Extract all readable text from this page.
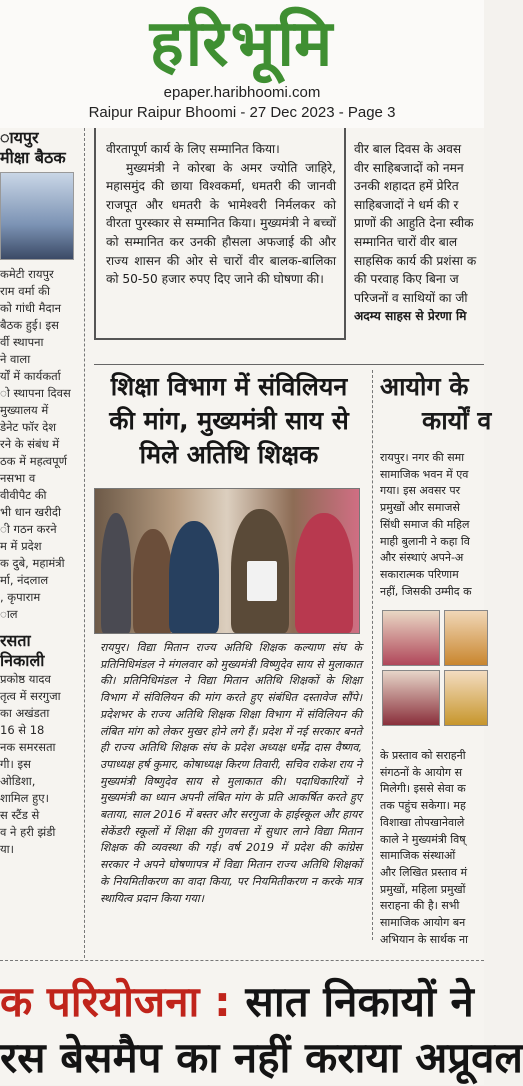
हरिभूमि
epaper.haribhoomi.com
Raipur Raipur Bhoomi - 27 Dec 2023 - Page 3
ायपुर
मीक्षा बैठक
कमेटी रायपुर
राम वर्मा की
को गांधी मैदान
बैठक हुई। इस
र्वी स्थापना
ने वाला
र्यों में कार्यकर्ता
ो स्थापना दिवस
मुख्यालय में
डेनेट फॉर देश
रने के संबंध में
ठक में महत्वपूर्ण
नसभा व
वीवीपैट की
भी धान खरीदी
ी गठन करने
म में प्रदेश
क दुबे, महामंत्री
र्मा, नंदलाल
, कृपाराम
ाल
रसता
निकाली
प्रकोष्ठ यादव
तृत्व में सरगुजा
का अखंडता
16 से 18
नक समरसता
गी। इस
ओडिशा,
शामिल हुए।
स स्टैंड से
व ने हरी झंडी
या।

वीरतापूर्ण कार्य के लिए सम्मानित किया।

मुख्यमंत्री ने कोरबा के अमर ज्योति जाहिरे, महासमुंद की छाया विश्वकर्मा, धमतरी की जानवी राजपूत और धमतरी के भामेश्वरी निर्मलकर को वीरता पुरस्कार से सम्मानित किया। मुख्यमंत्री ने बच्चों को सम्मानित कर उनकी हौसला अफजाई की और राज्य शासन की ओर से चारों वीर बालक-बालिका को 50-50 हजार रुपए दिए जाने की घोषणा की।

वीर बाल दिवस के अवस
वीर साहिबजादों को नमन
उनकी शहादत हमें प्रेरित
साहिबजादों ने धर्म की र
प्राणों की आहुति देना स्वीक
सम्मानित चारों वीर बाल
साहसिक कार्य की प्रशंसा क
की परवाह किए बिना ज
परिजनों व साथियों का जी
अदम्य साहस से प्रेरणा मि
शिक्षा विभाग में संविलियन की मांग, मुख्यमंत्री साय से मिले अतिथि शिक्षक

रायपुर। विद्या मितान राज्य अतिथि शिक्षक कल्याण संघ के प्रतिनिधिमंडल ने मंगलवार को मुख्यमंत्री विष्णुदेव साय से मुलाकात की। प्रतिनिधिमंडल ने विद्या मितान अतिथि शिक्षकों के शिक्षा विभाग में संविलियन की मांग करते हुए संबंधित दस्तावेज सौंपे। प्रदेशभर के राज्य अतिथि शिक्षक शिक्षा विभाग में संविलियन की लंबित मांग को लेकर मुखर होने लगे हैं। प्रदेश में नई सरकार बनते ही राज्य अतिथि शिक्षक संघ के प्रदेश अध्यक्ष धर्मेंद्र दास वैष्णव, उपाध्यक्ष हर्ष कुमार, कोषाध्यक्ष किरण तिवारी, सचिव राकेश राय ने मुख्यमंत्री विष्णुदेव साय से मुलाकात की। पदाधिकारियों ने मुख्यमंत्री का ध्यान अपनी लंबित मांग के प्रति आकर्षित करते हुए बताया, साल 2016 में बस्तर और सरगुजा के हाईस्कूल और हायर सेकेंडरी स्कूलों में शिक्षा की गुणवत्ता में सुधार लाने विद्या मितान शिक्षक की व्यवस्था की गई। वर्ष 2019 में प्रदेश की कांग्रेस सरकार ने अपने घोषणापत्र में विद्या मितान राज्य अतिथि शिक्षकों के नियमितीकरण का वादा किया, पर नियमितीकरण न करके मात्र स्थायित्व प्रदान किया गया।

आयोग के
कार्यों व
रायपुर। नगर की समा
सामाजिक भवन में एव
गया। इस अवसर पर
प्रमुखों और समाजसे
सिंधी समाज की महिल
माही बुलानी ने कहा वि
और संस्थाएं अपने-अ
सकारात्मक परिणाम
नहीं, जिसकी उम्मीद क
के प्रस्ताव को सराहनी
संगठनों के आयोग स
मिलेगी। इससे सेवा क
तक पहुंच सकेगा। मह
विशाखा तोपखानेवाले
काले ने मुख्यमंत्री विष्
सामाजिक संस्थाओं
और लिखित प्रस्ताव मं
प्रमुखों, महिला प्रमुखों
सराहना की है। सभी
सामाजिक आयोग बन
अभियान के सार्थक ना
क परियोजना : सात निकायों ने
रस बेसमैप का नहीं कराया अप्रूवल
